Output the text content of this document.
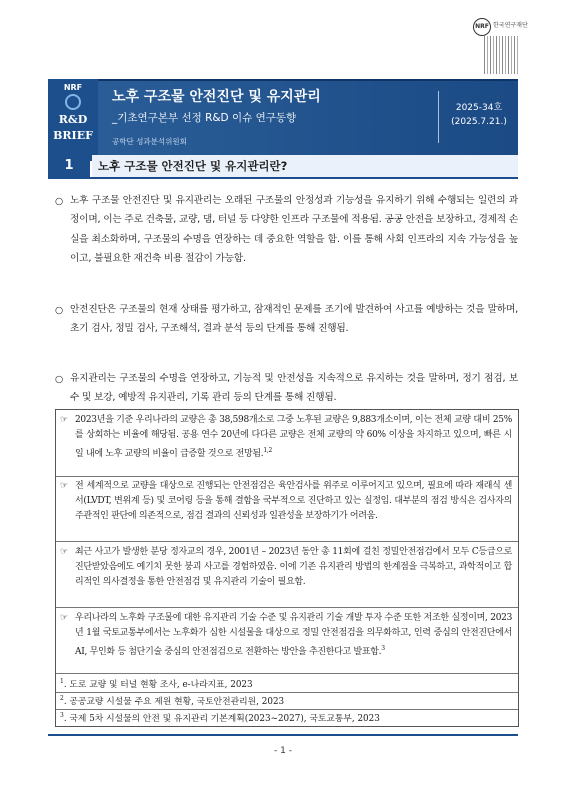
NRF 한국연구재단
NRF
R&D
BRIEF
노후 구조물 안전진단 및 유지관리
_기초연구본부 선정 R&D 이슈 연구동향
공학단 성과분석위원회
2025-34호
(2025.7.21.)
1	노후 구조물 안전진단 및 유지관리란?
○ 노후 구조물 안전진단 및 유지관리는 오래된 구조물의 안정성과 기능성을 유지하기 위해 수행되는 일련의 과정이며, 이는 주로 건축물, 교량, 댐, 터널 등 다양한 인프라 구조물에 적용됨. 공공 안전을 보장하고, 경제적 손실을 최소화하며, 구조물의 수명을 연장하는 데 중요한 역할을 함. 이를 통해 사회 인프라의 지속 가능성을 높이고, 불필요한 재건축 비용 절감이 가능함.
○ 안전진단은 구조물의 현재 상태를 평가하고, 잠재적인 문제를 조기에 발견하여 사고를 예방하는 것을 말하며, 초기 검사, 정밀 검사, 구조해석, 결과 분석 등의 단계를 통해 진행됨.
○ 유지관리는 구조물의 수명을 연장하고, 기능적 및 안전성을 지속적으로 유지하는 것을 말하며, 정기 점검, 보수 및 보강, 예방적 유지관리, 기록 관리 등의 단계를 통해 진행됨.
☞ 2023년을 기준 우리나라의 교량은 총 38,598개소로 그중 노후된 교량은 9,883개소이며, 이는 전체 교량 대비 25%를 상회하는 비율에 해당됨. 공용 연수 20년에 다다른 교량은 전체 교량의 약 60% 이상을 차지하고 있으며, 빠른 시일 내에 노후 교량의 비율이 급증할 것으로 전망됨.$^{1,2}$
☞ 전 세계적으로 교량을 대상으로 진행되는 안전점검은 육안검사를 위주로 이루어지고 있으며, 필요에 따라 재래식 센서(LVDT, 변위계 등) 및 코어링 등을 통해 결함을 국부적으로 진단하고 있는 실정임. 대부분의 점검 방식은 검사자의 주관적인 판단에 의존적으로, 점검 결과의 신뢰성과 일관성을 보장하기가 어려움.
☞ 최근 사고가 발생한 분당 정자교의 경우, 2001년 – 2023년 동안 총 11회에 걸친 정밀안전점검에서 모두 C등급으로 진단받았음에도 예기치 못한 붕괴 사고를 경험하였음. 이에 기존 유지관리 방법의 한계점을 극복하고, 과학적이고 합리적인 의사결정을 통한 안전점검 및 유지관리 기술이 필요함.
☞ 우리나라의 노후화 구조물에 대한 유지관리 기술 수준 및 유지관리 기술 개발 투자 수준 또한 저조한 실정이며, 2023년 1월 국토교통부에서는 노후화가 심한 시설물을 대상으로 정밀 안전점검을 의무화하고, 인력 중심의 안전진단에서 AI, 무인화 등 첨단기술 중심의 안전점검으로 전환하는 방안을 추진한다고 발표함.$^3$
$^1$. 도로 교량 및 터널 현황 조사, e-나라지표, 2023
$^2$. 공공교량 시설물 주요 제원 현황, 국토안전관리원, 2023
$^3$. 국제 5차 시설물의 안전 및 유지관리 기본계획(2023~2027), 국토교통부, 2023
- 1 -
